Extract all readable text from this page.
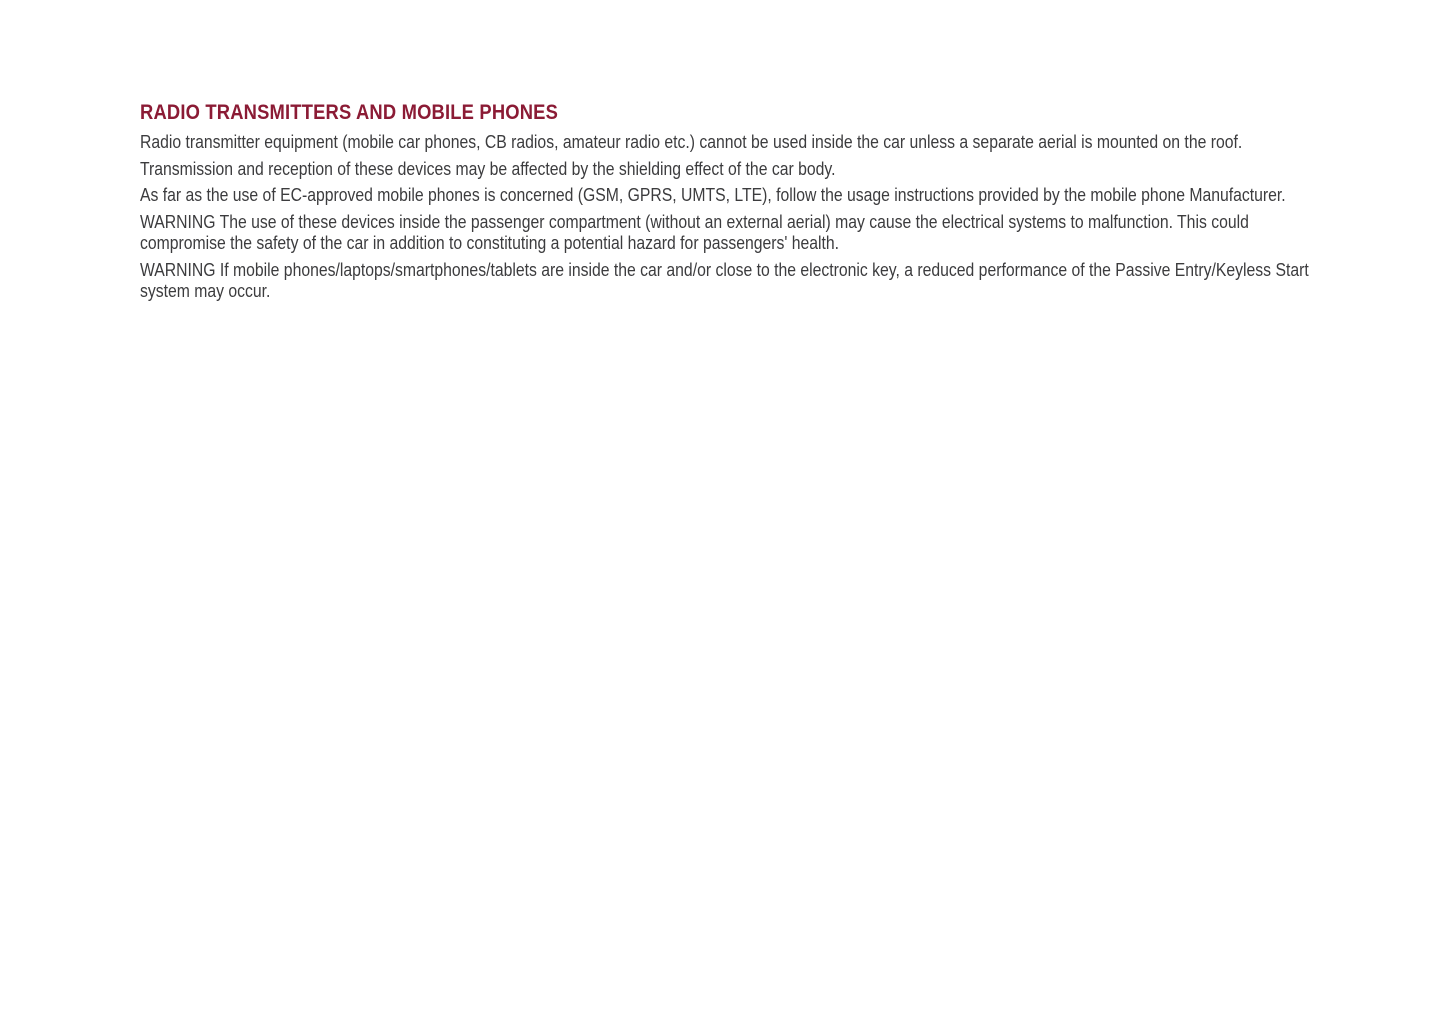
RADIO TRANSMITTERS AND MOBILE PHONES

Radio transmitter equipment (mobile car phones, CB radios, amateur radio etc.) cannot be used inside the car unless a separate aerial is mounted on the roof.

Transmission and reception of these devices may be affected by the shielding effect of the car body.

As far as the use of EC-approved mobile phones is concerned (GSM, GPRS, UMTS, LTE), follow the usage instructions provided by the mobile phone Manufacturer.

WARNING The use of these devices inside the passenger compartment (without an external aerial) may cause the electrical systems to malfunction. This could compromise the safety of the car in addition to constituting a potential hazard for passengers' health.

WARNING If mobile phones/laptops/smartphones/tablets are inside the car and/or close to the electronic key, a reduced performance of the Passive Entry/Keyless Start system may occur.
